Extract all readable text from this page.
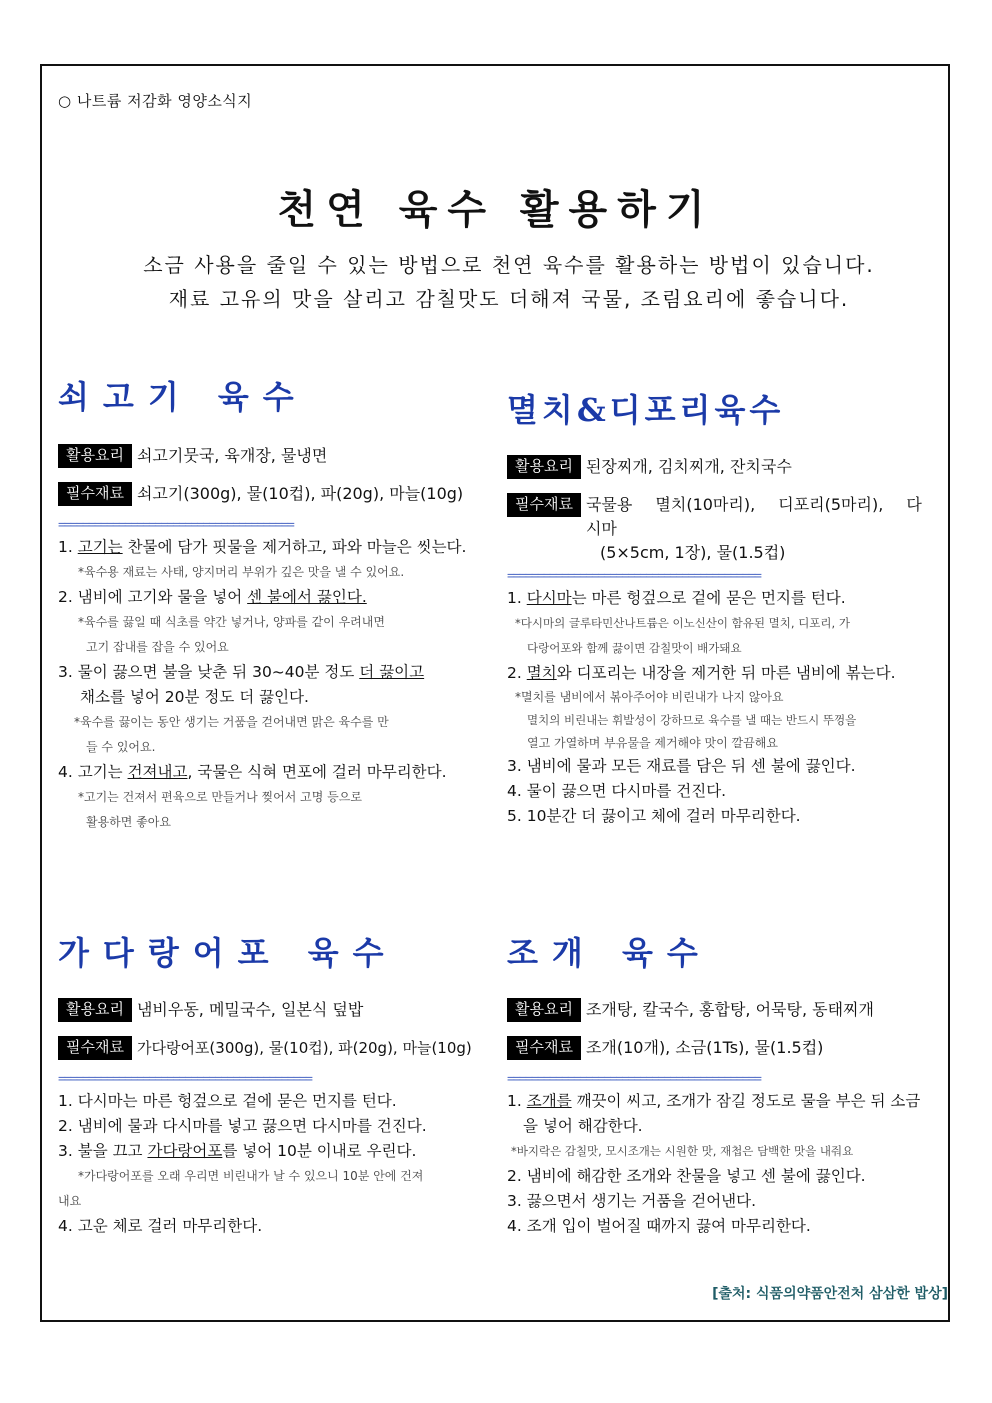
○ 나트륨 저감화 영양소식지
천연 육수 활용하기
소금 사용을 줄일 수 있는 방법으로 천연 육수를 활용하는 방법이 있습니다.
재료 고유의 맛을 살리고 감칠맛도 더해져 국물, 조림요리에 좋습니다.
쇠고기 육수
활용요리 쇠고기뭇국, 육개장, 물냉면
필수재료 쇠고기(300g), 물(10컵), 파(20g), 마늘(10g)
=======================================
1. 고기는 찬물에 담가 핏물을 제거하고, 파와 마늘은 씻는다.
*육수용 재료는 사태, 양지머리 부위가 깊은 맛을 낼 수 있어요.
2. 냄비에 고기와 물을 넣어 센 불에서 끓인다.
*육수를 끓일 때 식초를 약간 넣거나, 양파를 같이 우려내면
고기 잡내를 잡을 수 있어요
3. 물이 끓으면 불을 낮춘 뒤 30~40분 정도 더 끓이고
채소를 넣어 20분 정도 더 끓인다.
*육수를 끓이는 동안 생기는 거품을 걷어내면 맑은 육수를 만
들 수 있어요.
4. 고기는 건져내고, 국물은 식혀 면포에 걸러 마무리한다.
*고기는 건져서 편육으로 만들거나 찢어서 고명 등으로
활용하면 좋아요
멸치&디포리육수
활용요리 된장찌개, 김치찌개, 잔치국수
필수재료 국물용 멸치(10마리), 디포리(5마리), 다시마
(5×5cm, 1장), 물(1.5컵)
==========================================
1. 다시마는 마른 헝겊으로 겉에 묻은 먼지를 턴다.
*다시마의 글루타민산나트륨은 이노신산이 함유된 멸치, 디포리, 가
다랑어포와 함께 끓이면 감칠맛이 배가돼요
2. 멸치와 디포리는 내장을 제거한 뒤 마른 냄비에 볶는다.
*멸치를 냄비에서 볶아주어야 비린내가 나지 않아요
멸치의 비린내는 휘발성이 강하므로 육수를 낼 때는 반드시 뚜껑을
열고 가열하며 부유물을 제거해야 맛이 깔끔해요
3. 냄비에 물과 모든 재료를 담은 뒤 센 불에 끓인다.
4. 물이 끓으면 다시마를 건진다.
5. 10분간 더 끓이고 체에 걸러 마무리한다.
가다랑어포 육수
활용요리 냄비우동, 메밀국수, 일본식 덮밥
필수재료 가다랑어포(300g), 물(10컵), 파(20g), 마늘(10g)
==========================================
1. 다시마는 마른 헝겊으로 겉에 묻은 먼지를 턴다.
2. 냄비에 물과 다시마를 넣고 끓으면 다시마를 건진다.
3. 불을 끄고 가다랑어포를 넣어 10분 이내로 우린다.
*가다랑어포를 오래 우리면 비린내가 날 수 있으니 10분 안에 건져
내요
4. 고운 체로 걸러 마무리한다.
조개 육수
활용요리 조개탕, 칼국수, 홍합탕, 어묵탕, 동태찌개
필수재료 조개(10개), 소금(1Ts), 물(1.5컵)
==========================================
1. 조개를 깨끗이 씨고, 조개가 잠길 정도로 물을 부은 뒤 소금
을 넣어 해감한다.
*바지락은 감칠맛, 모시조개는 시원한 맛, 재첩은 담백한 맛을 내줘요
2. 냄비에 해감한 조개와 찬물을 넣고 센 불에 끓인다.
3. 끓으면서 생기는 거품을 걷어낸다.
4. 조개 입이 벌어질 때까지 끓여 마무리한다.
[출처: 식품의약품안전처 삼삼한 밥상]
